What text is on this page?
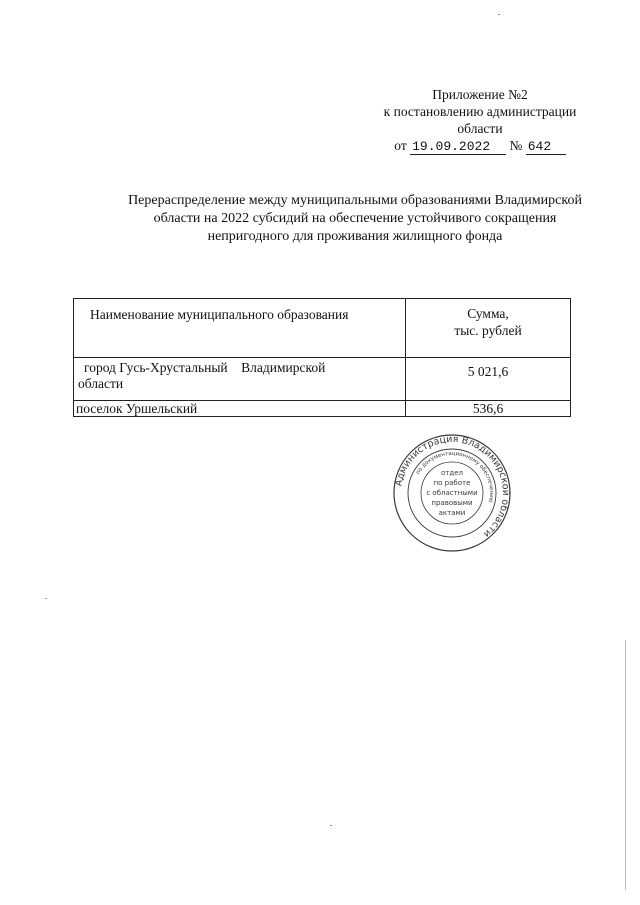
Приложение №2
к постановлению администрации
области
от 19.09.2022 № 642
Перераспределение между муниципальными образованиями Владимирской
области на 2022 субсидий на обеспечение устойчивого сокращения
непригодного для проживания жилищного фонда
Наименование муниципального образования	Сумма,
тыс. рублей

город Гусь-Хрустальный    Владимирской
области	5 021,6
поселок Уршельский	536,6
Администрация Владимирской области
по документационному обеспечению
отдел
по работе
с областными
правовыми
актами
